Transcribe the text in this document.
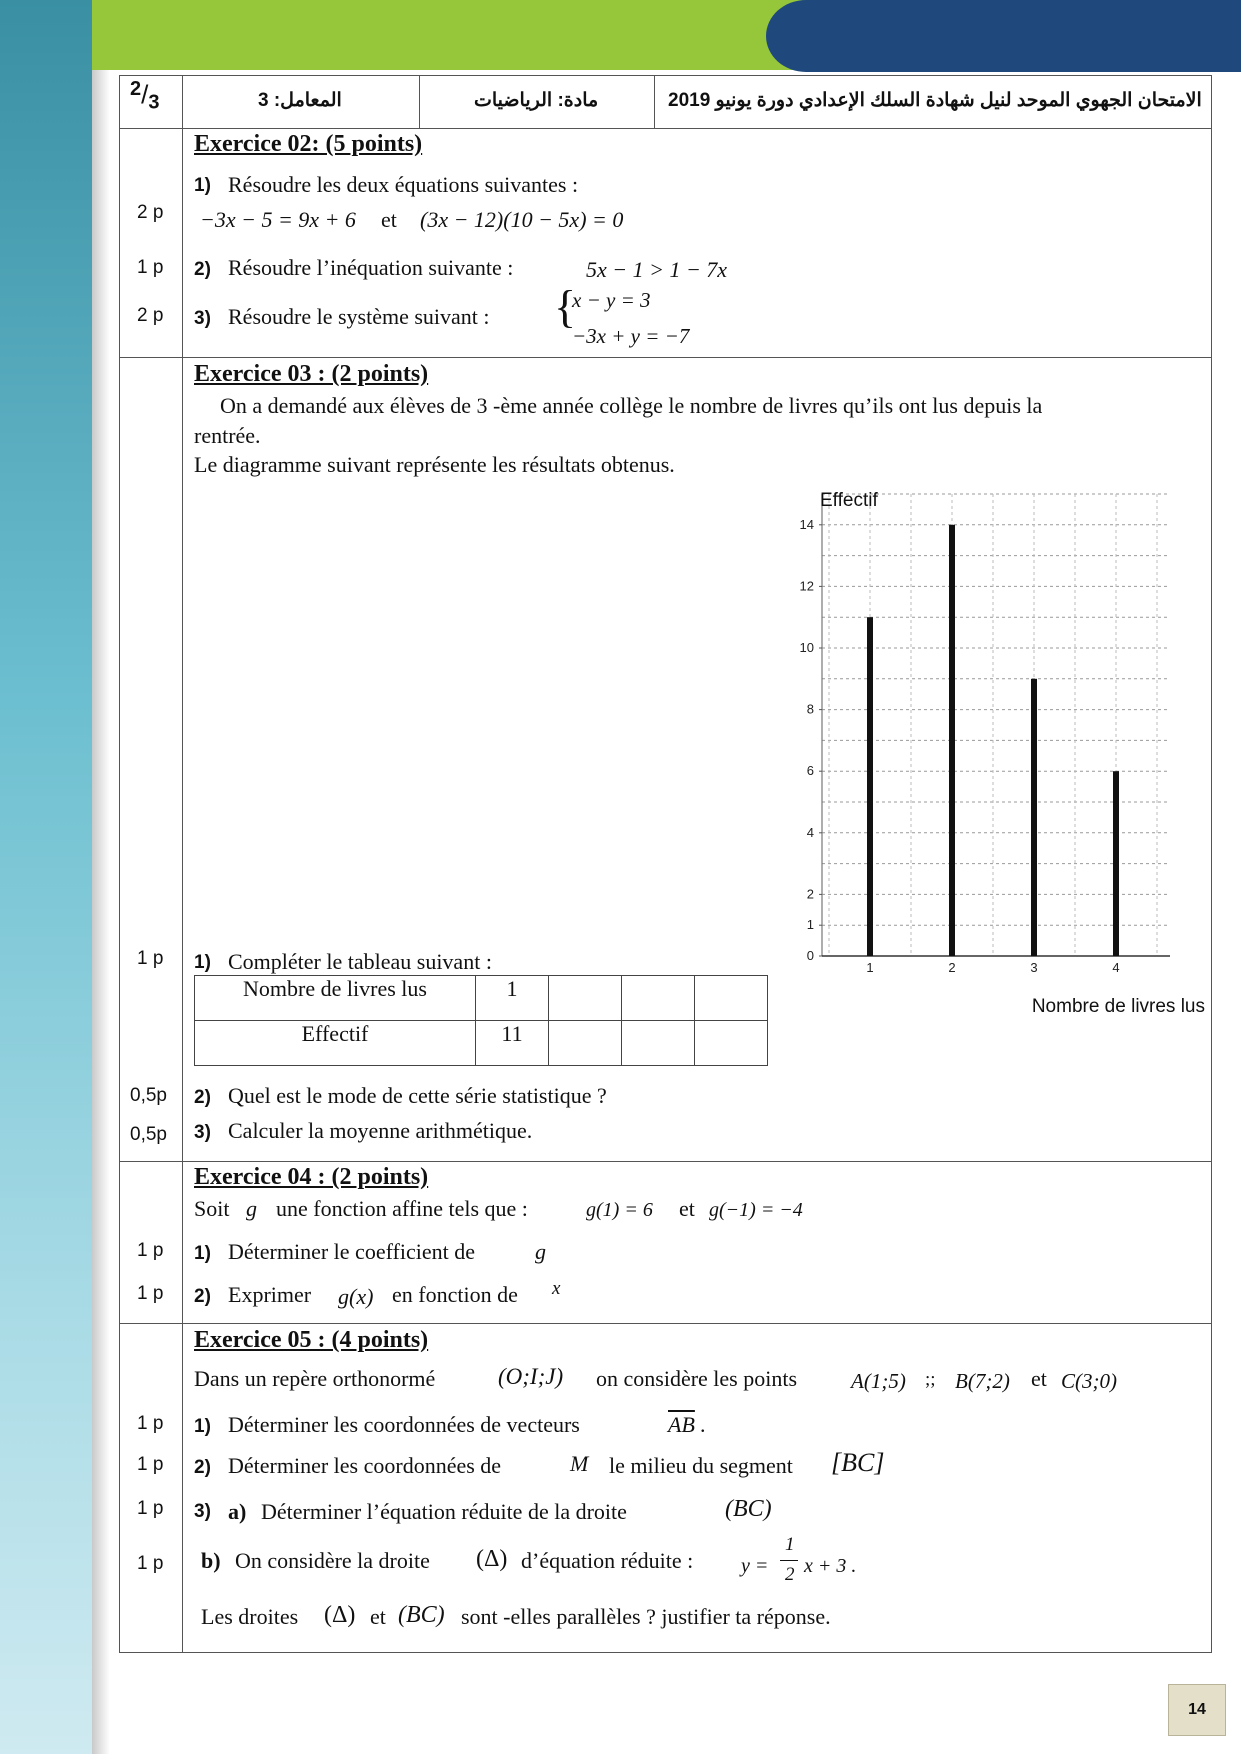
$^2/_3$	المعامل: 3	مادة: الرياضيات	الامتحان الجهوي الموحد لنيل شهادة السلك الإعدادي دورة يونيو 2019
Exercice 02: (5 points)
1) Résoudre les deux équations suivantes :
2 p −3x − 5 = 9x + 6 et (3x − 12)(10 − 5x) = 0
1 p 2) Résoudre l’inéquation suivante :	5x − 1 > 1 − 7x
2 p 3) Résoudre le système suivant : {
x − y = 3
−3x + y = −7
Exercice 03 : (2 points)
On a demandé aux élèves de 3 -ème année collège le nombre de livres qu’ils ont lus depuis la
rentrée.
Le diagramme suivant représente les résultats obtenus.
0
1
2
4
6
8
10
12
14
1	2	3	4
Effectif
Nombre de livres lus
1 p 1) Compléter le tableau suivant :
Nombre de livres lus	1			
Effectif	11			
0,5p 2) Quel est le mode de cette série statistique ?
0,5p 3) Calculer la moyenne arithmétique.
Exercice 04 : (2 points)
Soit g une fonction affine tels que :	g(1) = 6 et g(−1) = −4
1 p 1) Déterminer le coefficient de	g
1 p 2) Exprimer g(x) en fonction de x
Exercice 05 : (4 points)
Dans un repère orthonormé	(O;I;J) on considère les points	A(1;5) ;; B(7;2) et C(3;0)
1 p 1) Déterminer les coordonnées de vecteurs	$\overline{AB}$ .
1 p 2) Déterminer les coordonnées de	M le milieu du segment [BC]
1 p 3) a) Déterminer l’équation réduite de la droite	(BC)
1 p b) On considère la droite (Δ) d’équation réduite : y =
1
2 x + 3 .
Les droites (Δ) et (BC) sont -elles parallèles ? justifier ta réponse.
14
